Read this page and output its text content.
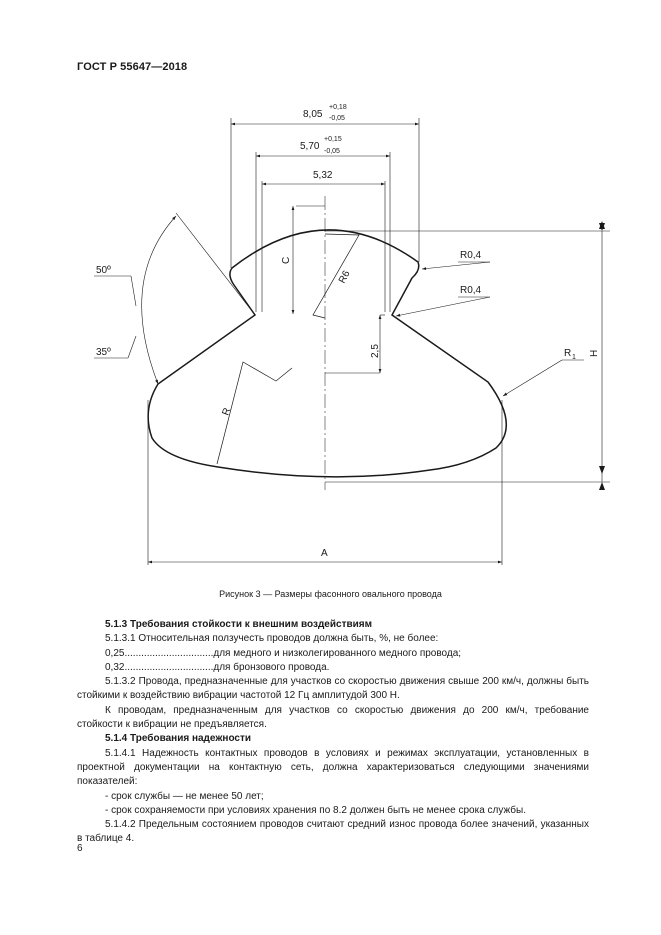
ГОСТ Р 55647—2018
8,05
+0,18
-0,05
5,70
+0,15
-0,05
5,32
C
R6
2,5
R0,4
R0,4
R 1
H
R
A
50º
35º
Рисунок 3 — Размеры фасонного овального провода

5.1.3 Требования стойкости к внешним воздействиям

5.1.3.1 Относительная ползучесть проводов должна быть, %, не более:

0,25................................для медного и низколегированного медного провода;

0,32................................для бронзового провода.

5.1.3.2 Провода, предназначенные для участков со скоростью движения свыше 200 км/ч, должны быть стойкими к воздействию вибрации частотой 12 Гц амплитудой 300 Н.

К проводам, предназначенным для участков со скоростью движения до 200 км/ч, требование стойкости к вибрации не предъявляется.

5.1.4 Требования надежности

5.1.4.1 Надежность контактных проводов в условиях и режимах эксплуатации, установленных в проектной документации на контактную сеть, должна характеризоваться следующими значениями показателей:

- срок службы — не менее 50 лет;

- срок сохраняемости при условиях хранения по 8.2 должен быть не менее срока службы.

5.1.4.2 Предельным состоянием проводов считают средний износ провода более значений, указанных в таблице 4.

6
